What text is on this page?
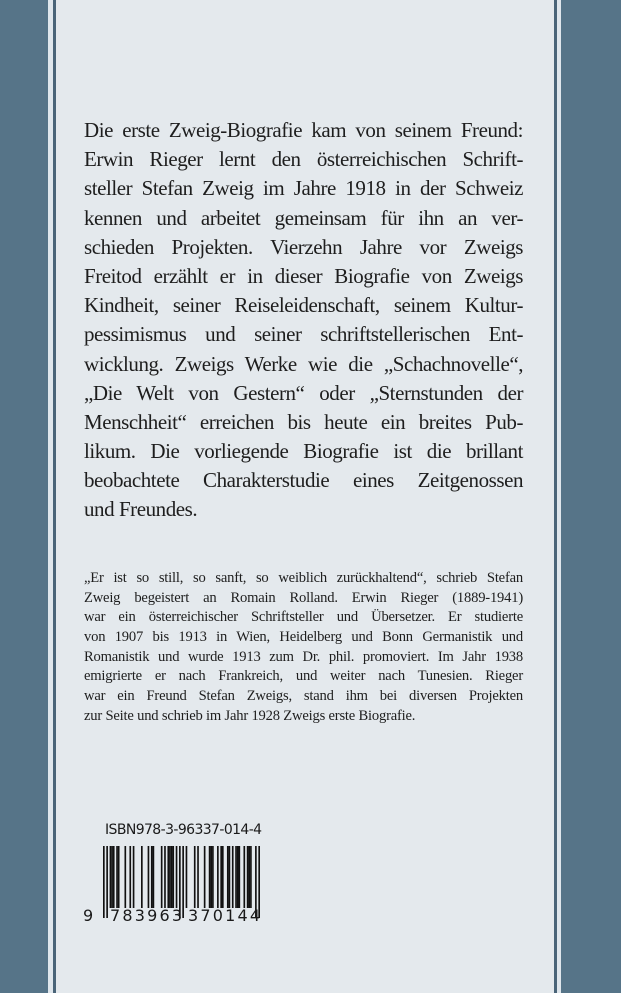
Die erste Zweig-Biografie kam von seinem Freund:
Erwin Rieger lernt den österreichischen Schrift-
steller Stefan Zweig im Jahre 1918 in der Schweiz
kennen und arbeitet gemeinsam für ihn an ver-
schieden Projekten. Vierzehn Jahre vor Zweigs
Freitod erzählt er in dieser Biografie von Zweigs
Kindheit, seiner Reiseleidenschaft, seinem Kultur-
pessimismus und seiner schriftstellerischen Ent-
wicklung. Zweigs Werke wie die „Schachnovelle“,
„Die Welt von Gestern“ oder „Sternstunden der
Menschheit“ erreichen bis heute ein breites Pub-
likum. Die vorliegende Biografie ist die brillant
beobachtete Charakterstudie eines Zeitgenossen
und Freundes.
„Er ist so still, so sanft, so weiblich zurückhaltend“, schrieb Stefan
Zweig begeistert an Romain Rolland. Erwin Rieger (1889-1941)
war ein österreichischer Schriftsteller und Übersetzer. Er studierte
von 1907 bis 1913 in Wien, Heidelberg und Bonn Germanistik und
Romanistik und wurde 1913 zum Dr. phil. promoviert. Im Jahr 1938
emigrierte er nach Frankreich, und weiter nach Tunesien. Rieger
war ein Freund Stefan Zweigs, stand ihm bei diversen Projekten
zur Seite und schrieb im Jahr 1928 Zweigs erste Biografie.
ISBN978-3-96337-014-4
9 783963 370144
